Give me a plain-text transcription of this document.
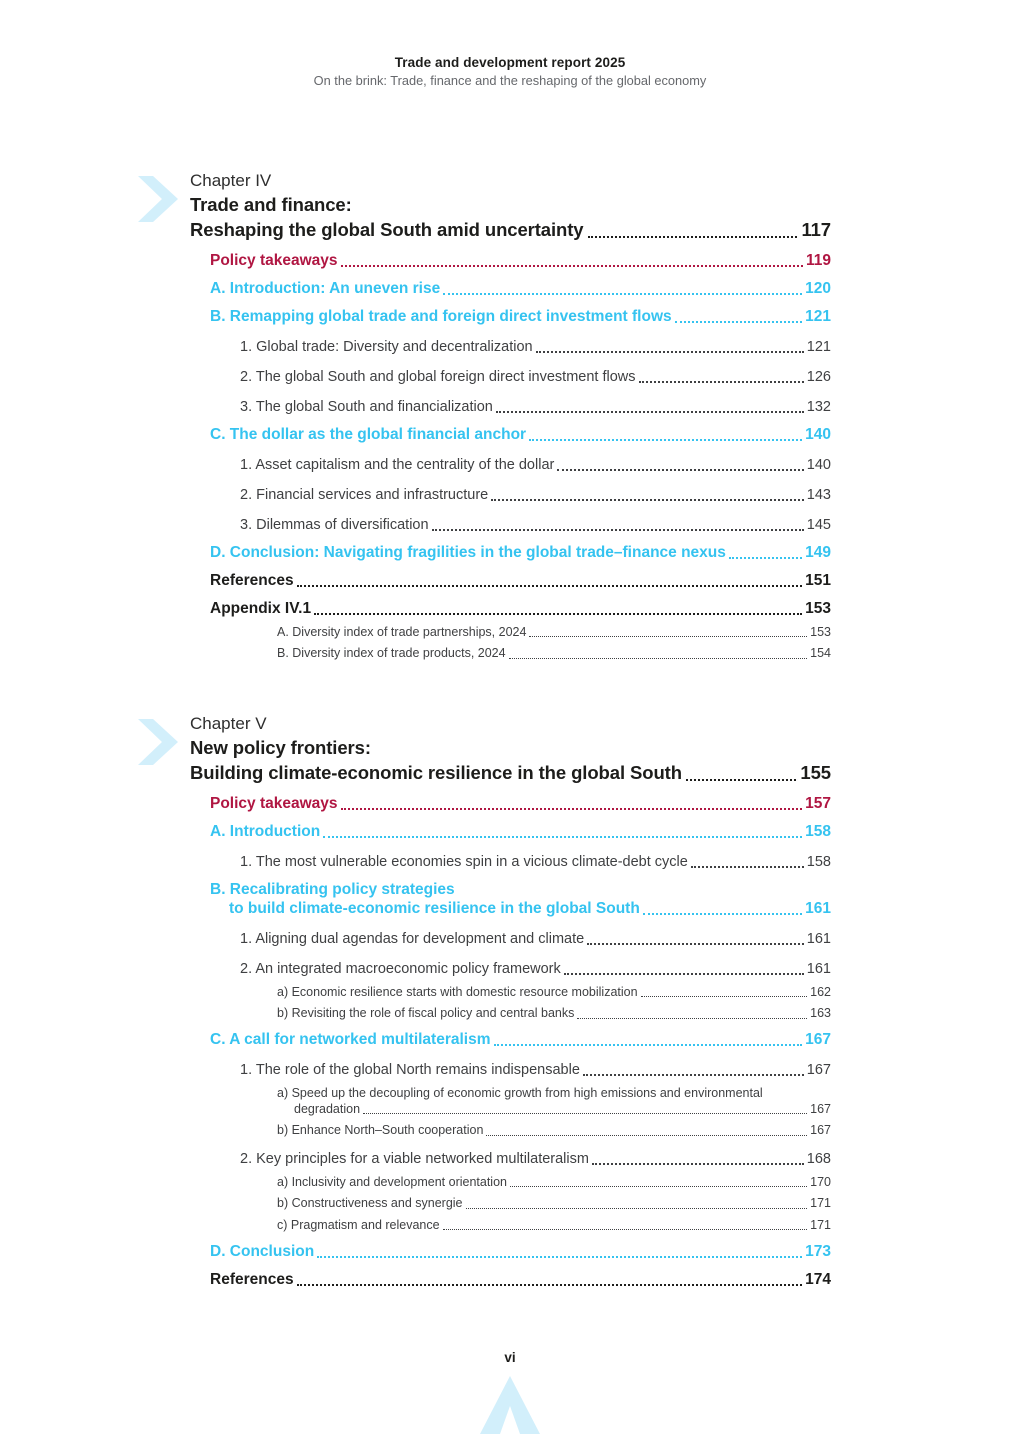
Trade and development report 2025
On the brink: Trade, finance and the reshaping of the global economy
Chapter IV
Trade and finance:
Reshaping the global South amid uncertainty	117
Policy takeaways	119
A. Introduction: An uneven rise	120
B. Remapping global trade and foreign direct investment flows	121
1. Global trade: Diversity and decentralization	121
2. The global South and global foreign direct investment flows	126
3. The global South and financialization	132
C. The dollar as the global financial anchor	140
1. Asset capitalism and the centrality of the dollar	140
2. Financial services and infrastructure	143
3. Dilemmas of diversification	145
D. Conclusion: Navigating fragilities in the global trade–finance nexus	149
References	151
Appendix IV.1	153
A. Diversity index of trade partnerships, 2024	153
B. Diversity index of trade products, 2024	154
Chapter V
New policy frontiers:
Building climate-economic resilience in the global South	155
Policy takeaways	157
A. Introduction	158
1. The most vulnerable economies spin in a vicious climate-debt cycle	158
B. Recalibrating policy strategies
to build climate-economic resilience in the global South	161
1. Aligning dual agendas for development and climate	161
2. An integrated macroeconomic policy framework	161
a) Economic resilience starts with domestic resource mobilization	162
b) Revisiting the role of fiscal policy and central banks	163
C. A call for networked multilateralism	167
1. The role of the global North remains indispensable	167
a) Speed up the decoupling of economic growth from high emissions and environmental
degradation	167
b) Enhance North–South cooperation	167
2. Key principles for a viable networked multilateralism	168
a) Inclusivity and development orientation	170
b) Constructiveness and synergie	171
c) Pragmatism and relevance	171
D. Conclusion	173
References	174
vi
